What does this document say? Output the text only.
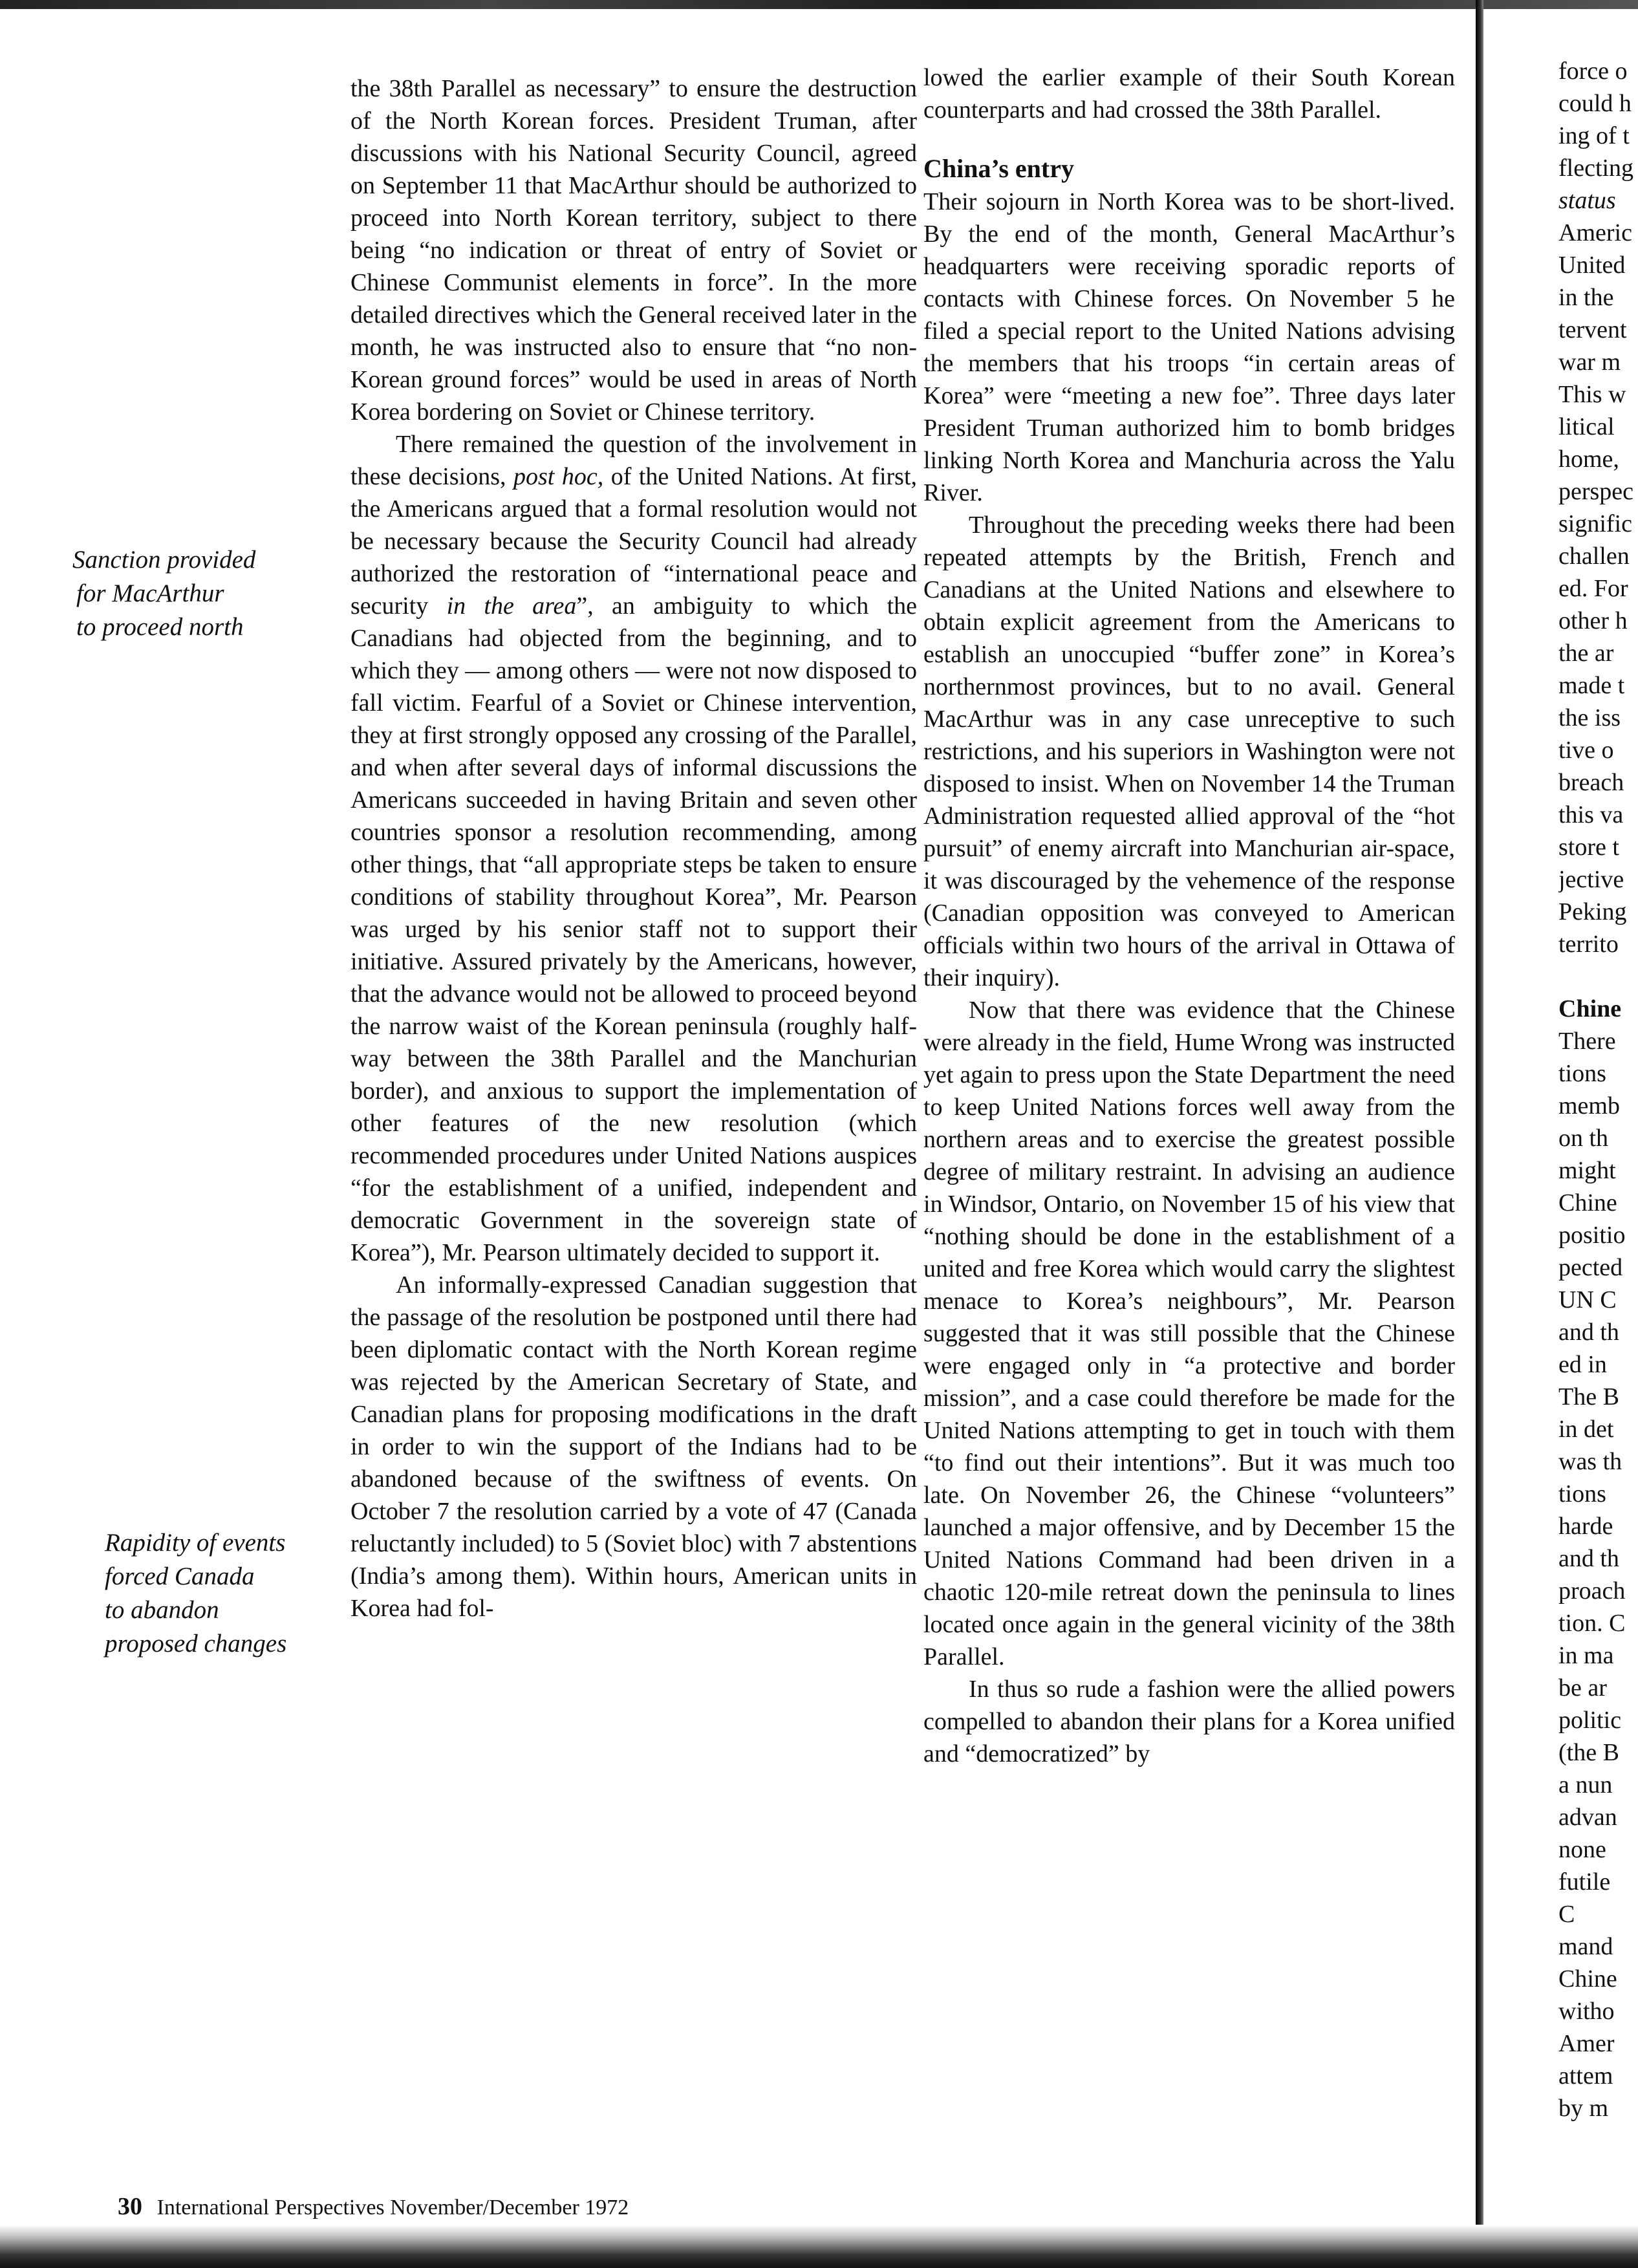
Sanction provided
for MacArthur
to proceed north
Rapidity of events
forced Canada
to abandon
proposed changes

the 38th Parallel as necessary” to ensure the destruction of the North Korean forces. President Truman, after discussions with his National Security Council, agreed on September 11 that MacArthur should be authorized to proceed into North Korean territory, subject to there being “no indication or threat of entry of Soviet or Chinese Communist elements in force”. In the more detailed directives which the General received later in the month, he was instructed also to ensure that “no non-Korean ground forces” would be used in areas of North Korea bordering on Soviet or Chinese territory.

There remained the question of the involvement in these decisions, post hoc, of the United Nations. At first, the Americans argued that a formal resolution would not be necessary because the Security Council had already authorized the restoration of “international peace and security in the area”, an ambiguity to which the Canadians had objected from the beginning, and to which they — among others — were not now disposed to fall victim. Fearful of a Soviet or Chinese intervention, they at first strongly opposed any crossing of the Parallel, and when after several days of informal discussions the Americans succeeded in having Britain and seven other countries sponsor a resolution recommending, among other things, that “all appropriate steps be taken to ensure conditions of stability throughout Korea”, Mr. Pearson was urged by his senior staff not to support their initiative. Assured privately by the Americans, however, that the advance would not be allowed to proceed beyond the narrow waist of the Korean peninsula (roughly half-way between the 38th Parallel and the Manchurian border), and anxious to support the implementation of other features of the new resolution (which recommended procedures under United Nations auspices “for the establishment of a unified, independent and democratic Government in the sovereign state of Korea”), Mr. Pearson ultimately decided to support it.

An informally-expressed Canadian suggestion that the passage of the resolution be postponed until there had been diplomatic contact with the North Korean regime was rejected by the American Secretary of State, and Canadian plans for proposing modifications in the draft in order to win the support of the Indians had to be abandoned because of the swiftness of events. On October 7 the resolution carried by a vote of 47 (Canada reluctantly included) to 5 (Soviet bloc) with 7 abstentions (India’s among them). Within hours, American units in Korea had fol-

lowed the earlier example of their South Korean counterparts and had crossed the 38th Parallel.

China’s entry

Their sojourn in North Korea was to be short-lived. By the end of the month, General MacArthur’s headquarters were receiving sporadic reports of contacts with Chinese forces. On November 5 he filed a special report to the United Nations advising the members that his troops “in certain areas of Korea” were “meeting a new foe”. Three days later President Truman authorized him to bomb bridges linking North Korea and Manchuria across the Yalu River.

Throughout the preceding weeks there had been repeated attempts by the British, French and Canadians at the United Nations and elsewhere to obtain explicit agreement from the Americans to establish an unoccupied “buffer zone” in Korea’s northernmost provinces, but to no avail. General MacArthur was in any case unreceptive to such restrictions, and his superiors in Washington were not disposed to insist. When on November 14 the Truman Administration requested allied approval of the “hot pursuit” of enemy aircraft into Manchurian air-space, it was discouraged by the vehemence of the response (Canadian opposition was conveyed to American officials within two hours of the arrival in Ottawa of their inquiry).

Now that there was evidence that the Chinese were already in the field, Hume Wrong was instructed yet again to press upon the State Department the need to keep United Nations forces well away from the northern areas and to exercise the greatest possible degree of military restraint. In advising an audience in Windsor, Ontario, on November 15 of his view that “nothing should be done in the establishment of a united and free Korea which would carry the slightest menace to Korea’s neighbours”, Mr. Pearson suggested that it was still possible that the Chinese were engaged only in “a protective and border mission”, and a case could therefore be made for the United Nations attempting to get in touch with them “to find out their intentions”. But it was much too late. On November 26, the Chinese “volunteers” launched a major offensive, and by December 15 the United Nations Command had been driven in a chaotic 120-mile retreat down the peninsula to lines located once again in the general vicinity of the 38th Parallel.

In thus so rude a fashion were the allied powers compelled to abandon their plans for a Korea unified and “democratized” by

force o
could h
ing of t
flecting
status
Americ
United
in the
tervent
war m
This w
litical
home,
perspec
signific
challen
ed. For
other h
the ar
made t
the iss
tive o
breach
this va
store t
jective
Peking
territo
Chine
There
tions
memb
on th
might
Chine
positio
pected
UN C
and th
ed in
The B
in det
was th
tions
harde
and th
proach
tion. C
in ma
be ar
politic
(the B
a nun
advan
none
futile
C
mand
Chine
witho
Amer
attem
by m
30 International Perspectives November/December 1972
